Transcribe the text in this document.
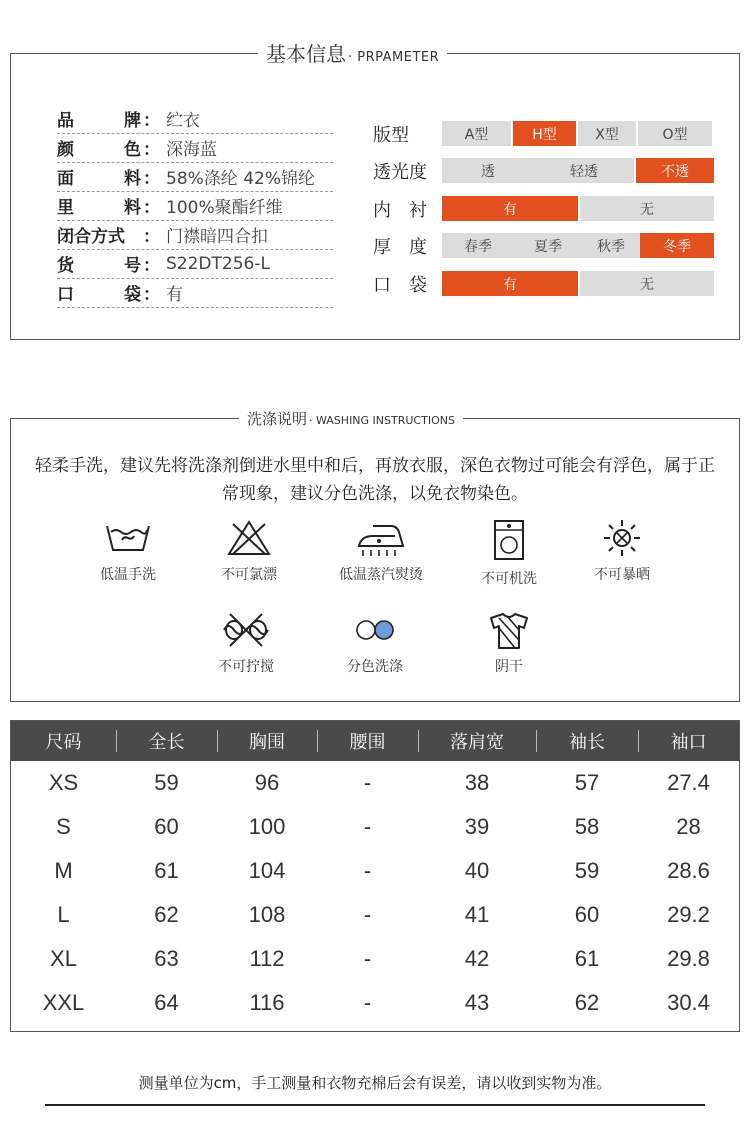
基本信息 · PRPAMETER
品	牌 ： 纻衣
颜	色 ： 深海蓝
面	料 ： 58%涤纶 42%锦纶
里	料 ： 100%聚酯纤维
闭合方式 ： 门襟暗四合扣
货	号 ： S22DT256-L
口	袋 ： 有
版型	A型	H型	X型	O型
透光度	透	轻透	不透
内 衬	有	无
厚 度	春季	夏季	秋季	冬季
口 袋	有	无
洗涤说明 · WASHING INSTRUCTIONS
轻柔手洗，建议先将洗涤剂倒进水里中和后，再放衣服，深色衣物过可能会有浮色，属于正常现象，建议分色洗涤，以免衣物染色。
低温手洗	不可氯漂	低温蒸汽熨烫	不可机洗	不可暴晒
不可拧搅	分色洗涤	阴干
尺码	全长	胸围	腰围	落肩宽	袖长	袖口
XS	59	96	-	38	57	27.4
S	60	100	-	39	58	28
M	61	104	-	40	59	28.6
L	62	108	-	41	60	29.2
XL	63	112	-	42	61	29.8
XXL	64	116	-	43	62	30.4
测量单位为cm，手工测量和衣物充棉后会有误差，请以收到实物为准。
